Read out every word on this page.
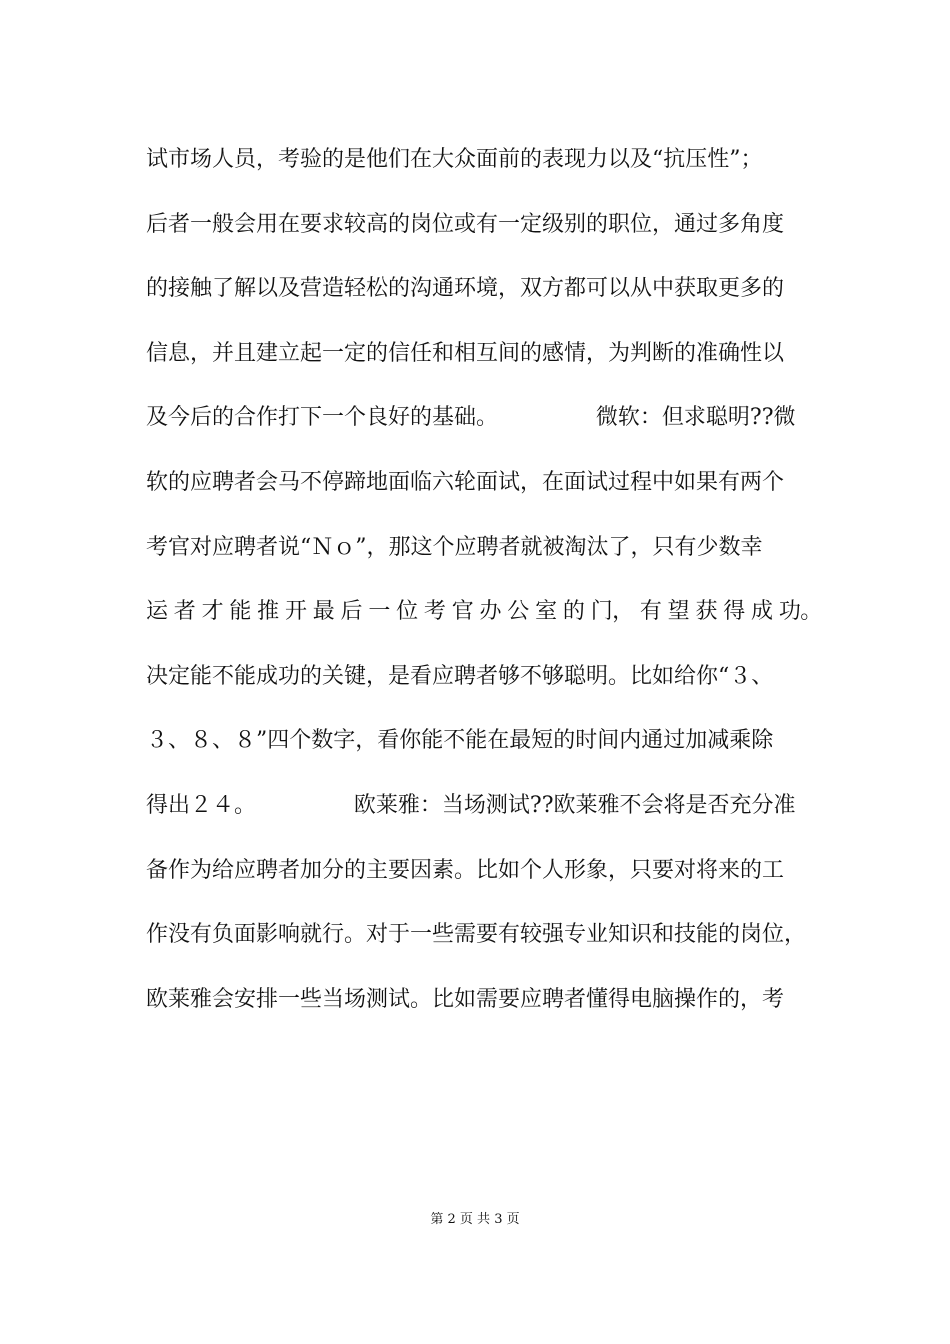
试市场人员，考验的是他们在大众面前的表现力以及“抗压性”；
后者一般会用在要求较高的岗位或有一定级别的职位，通过多角度
的接触了解以及营造轻松的沟通环境，双方都可以从中获取更多的
信息，并且建立起一定的信任和相互间的感情，为判断的准确性以
及今后的合作打下一个良好的基础。              微软：但求聪明??微
软的应聘者会马不停蹄地面临六轮面试，在面试过程中如果有两个
考官对应聘者说“Ｎｏ”，那这个应聘者就被淘汰了，只有少数幸
运 者 才 能 推 开 最 后 一 位 考 官 办 公 室 的 门， 有 望 获 得 成 功。
决定能不能成功的关键，是看应聘者够不够聪明。比如给你“３、
３、８、８”四个数字，看你能不能在最短的时间内通过加减乘除
得出２４。              欧莱雅：当场测试??欧莱雅不会将是否充分准
备作为给应聘者加分的主要因素。比如个人形象，只要对将来的工
作没有负面影响就行。对于一些需要有较强专业知识和技能的岗位，
欧莱雅会安排一些当场测试。比如需要应聘者懂得电脑操作的，考
第 2 页 共 3 页
